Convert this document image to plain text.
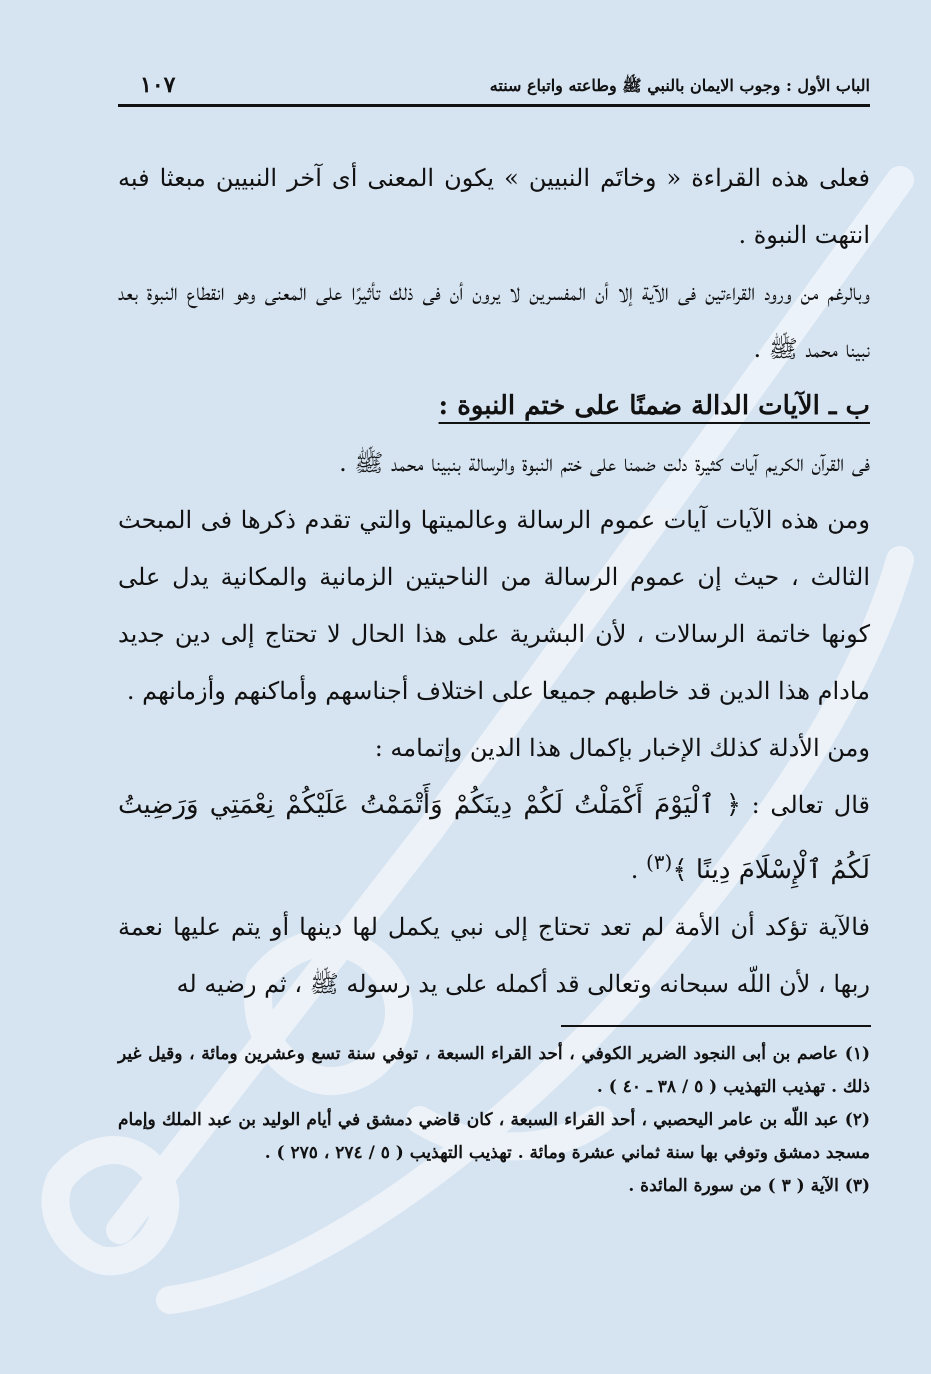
الباب الأول : وجوب الايمان بالنبي ﷺ وطاعته واتباع سنته
١٠٧

فعلى هذه القراءة « وخاتَم النبيين » يكون المعنى أى آخر النبيين مبعثا فبه انتهت النبوة .

وبالرغم من ورود القراءتين فى الآية إلا أن المفسرين لا يرون أن فى ذلك تأثيرًا على المعنى وهو انقطاع النبوة بعد نبينا محمد ﷺ .

ب ـ الآيات الدالة ضمنًا على ختم النبوة :

فى القرآن الكريم آيات كثيرة دلت ضمنا على ختم النبوة والرسالة بنبينا محمد ﷺ .

ومن هذه الآيات آيات عموم الرسالة وعالميتها والتي تقدم ذكرها فى المبحث الثالث ، حيث إن عموم الرسالة من الناحيتين الزمانية والمكانية يدل على كونها خاتمة الرسالات ، لأن البشرية على هذا الحال لا تحتاج إلى دين جديد مادام هذا الدين قد خاطبهم جميعا على اختلاف أجناسهم وأماكنهم وأزمانهم .

ومن الأدلة كذلك الإخبار بإكمال هذا الدين وإتمامه :

قال تعالى : ﴿ ٱلْيَوْمَ أَكْمَلْتُ لَكُمْ دِينَكُمْ وَأَتْمَمْتُ عَلَيْكُمْ نِعْمَتِي وَرَضِيتُ لَكُمُ ٱلْإِسْلَامَ دِينًا ﴾$^{(٣)}$ .

فالآية تؤكد أن الأمة لم تعد تحتاج إلى نبي يكمل لها دينها أو يتم عليها نعمة ربها ، لأن اللّه سبحانه وتعالى قد أكمله على يد رسوله ﷺ ، ثم رضيه له

(١) عاصم بن أبى النجود الضرير الكوفي ، أحد القراء السبعة ، توفي سنة تسع وعشرين ومائة ، وقيل غير ذلك . تهذيب التهذيب ( ٥ / ٣٨ ـ ٤٠ ) .

(٢) عبد اللّه بن عامر اليحصبي ، أحد القراء السبعة ، كان قاضي دمشق في أيام الوليد بن عبد الملك وإمام مسجد دمشق وتوفي بها سنة ثماني عشرة ومائة . تهذيب التهذيب ( ٥ / ٢٧٤ ، ٢٧٥ ) .

(٣) الآية ( ٣ ) من سورة المائدة .
